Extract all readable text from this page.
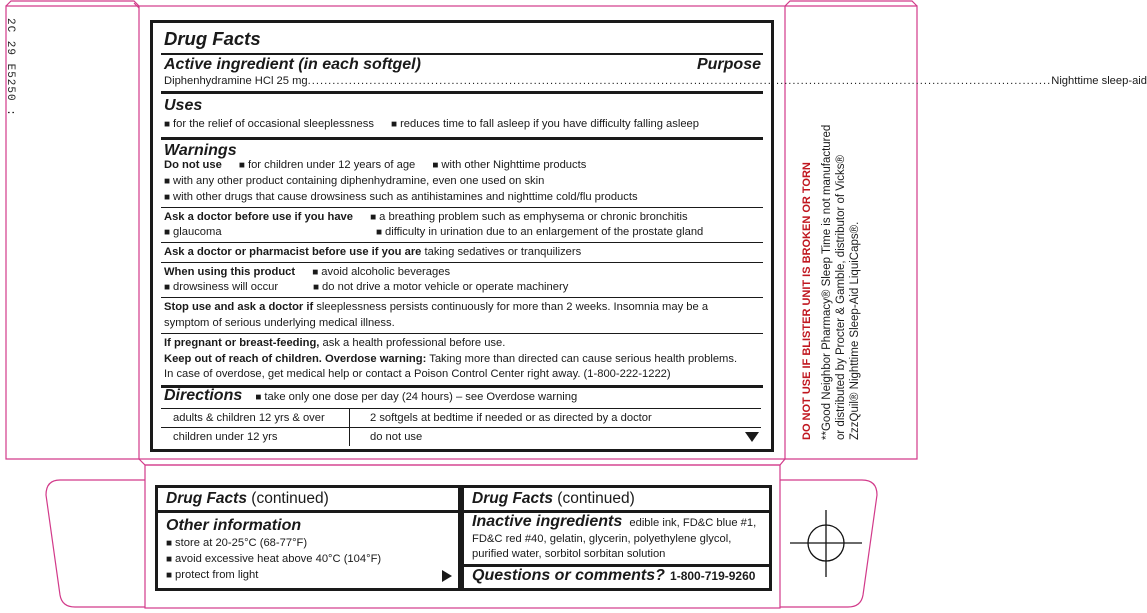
2C 29 E5250 :
DO NOT USE IF BLISTER UNIT IS BROKEN OR TORN **Good Neighbor Pharmacy® Sleep Time is not manufactured or distributed by Procter & Gamble, distributor of Vicks® ZzzQuil® Nighttime Sleep-Aid LiquiCaps®.
Drug Facts
Active ingredient (in each softgel)	Purpose
Diphenhydramine HCl 25 mg ..................................................................................................................................................................................... Nighttime sleep-aid
Uses
■ for the relief of occasional sleeplessness ■ reduces time to fall asleep if you have difficulty falling asleep
Warnings
Do not use ■ for children under 12 years of age ■ with other Nighttime products
■ with any other product containing diphenhydramine, even one used on skin
■ with other drugs that cause drowsiness such as antihistamines and nighttime cold/flu products
Ask a doctor before use if you have ■ a breathing problem such as emphysema or chronic bronchitis
■ glaucoma	■ difficulty in urination due to an enlargement of the prostate gland
Ask a doctor or pharmacist before use if you are taking sedatives or tranquilizers
When using this product ■ avoid alcoholic beverages
■ drowsiness will occur	■ do not drive a motor vehicle or operate machinery
Stop use and ask a doctor if sleeplessness persists continuously for more than 2 weeks. Insomnia may be a
symptom of serious underlying medical illness.
If pregnant or breast-feeding, ask a health professional before use.
Keep out of reach of children. Overdose warning: Taking more than directed can cause serious health problems.
In case of overdose, get medical help or contact a Poison Control Center right away. (1-800-222-1222)
Directions ■ take only one dose per day (24 hours) – see Overdose warning
adults & children 12 yrs & over	2 softgels at bedtime if needed or as directed by a doctor
children under 12 yrs	do not use
Drug Facts (continued)
Other information
■ store at 20-25°C (68-77°F)
■ avoid excessive heat above 40°C (104°F)
■ protect from light
Drug Facts (continued)
Inactive ingredients edible ink, FD&C blue #1,
FD&C red #40, gelatin, glycerin, polyethylene glycol,
purified water, sorbitol sorbitan solution
Questions or comments? 1-800-719-9260
